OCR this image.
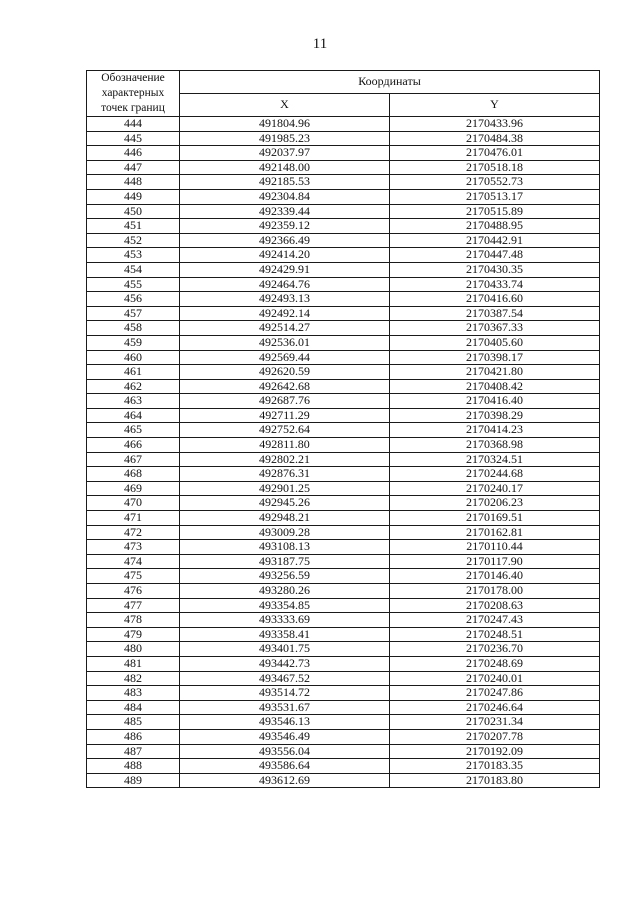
11
Обозначение характерных точек границ	Координаты	
	X	Y
444	491804.96	2170433.96
445	491985.23	2170484.38
446	492037.97	2170476.01
447	492148.00	2170518.18
448	492185.53	2170552.73
449	492304.84	2170513.17
450	492339.44	2170515.89
451	492359.12	2170488.95
452	492366.49	2170442.91
453	492414.20	2170447.48
454	492429.91	2170430.35
455	492464.76	2170433.74
456	492493.13	2170416.60
457	492492.14	2170387.54
458	492514.27	2170367.33
459	492536.01	2170405.60
460	492569.44	2170398.17
461	492620.59	2170421.80
462	492642.68	2170408.42
463	492687.76	2170416.40
464	492711.29	2170398.29
465	492752.64	2170414.23
466	492811.80	2170368.98
467	492802.21	2170324.51
468	492876.31	2170244.68
469	492901.25	2170240.17
470	492945.26	2170206.23
471	492948.21	2170169.51
472	493009.28	2170162.81
473	493108.13	2170110.44
474	493187.75	2170117.90
475	493256.59	2170146.40
476	493280.26	2170178.00
477	493354.85	2170208.63
478	493333.69	2170247.43
479	493358.41	2170248.51
480	493401.75	2170236.70
481	493442.73	2170248.69
482	493467.52	2170240.01
483	493514.72	2170247.86
484	493531.67	2170246.64
485	493546.13	2170231.34
486	493546.49	2170207.78
487	493556.04	2170192.09
488	493586.64	2170183.35
489	493612.69	2170183.80
